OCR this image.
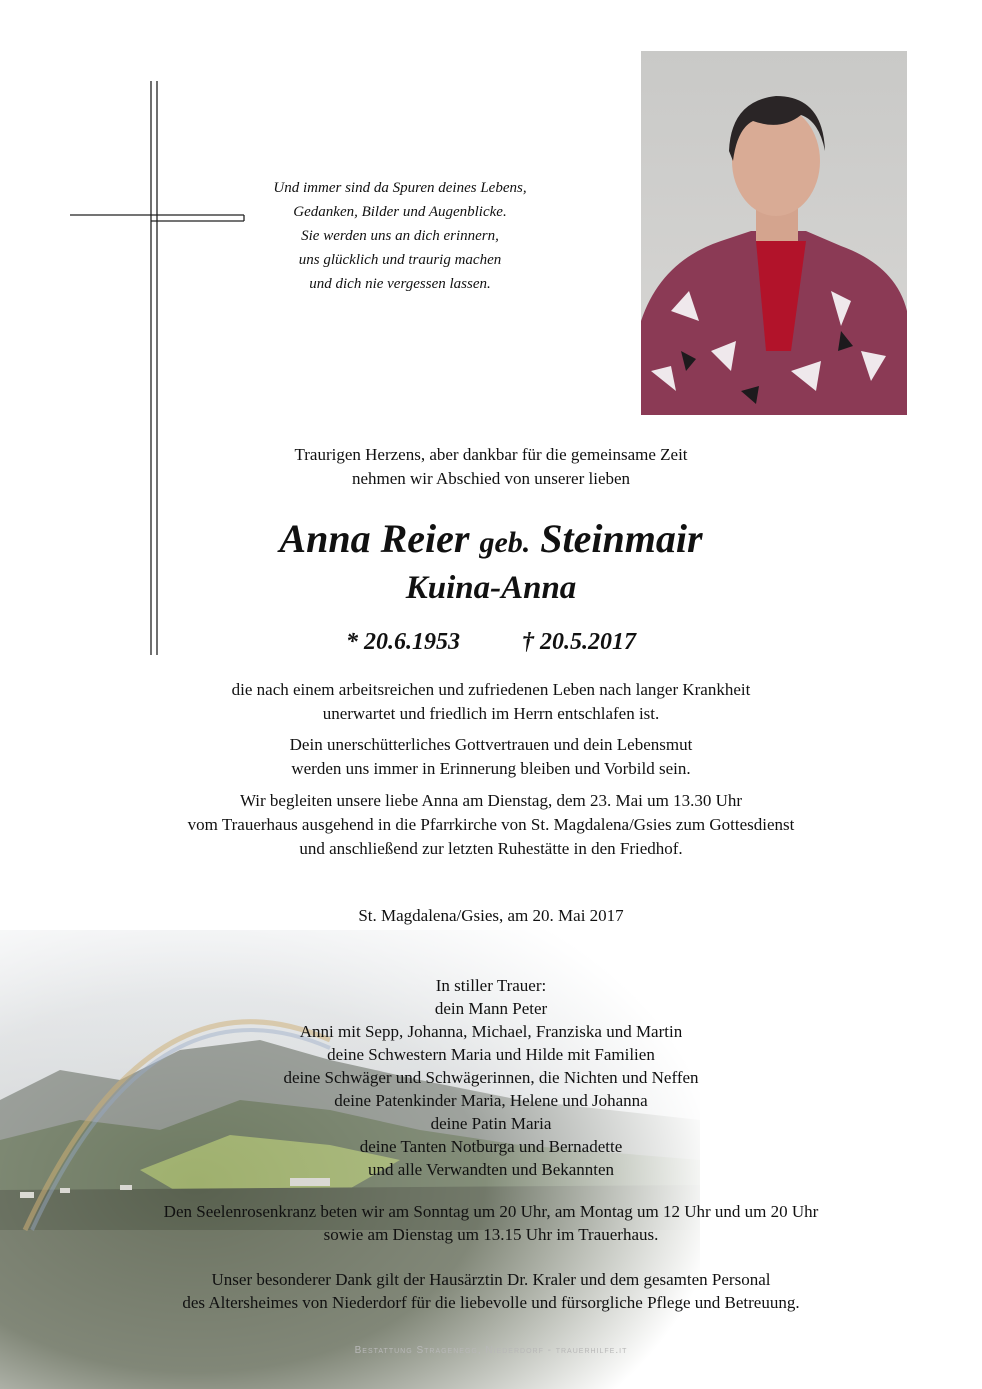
Und immer sind da Spuren deines Lebens,
Gedanken, Bilder und Augenblicke.
Sie werden uns an dich erinnern,
uns glücklich und traurig machen
und dich nie vergessen lassen.
Traurigen Herzens, aber dankbar für die gemeinsame Zeit
nehmen wir Abschied von unserer lieben
Anna Reier geb. Steinmair
Kuina-Anna
* 20.6.1953	† 20.5.2017
die nach einem arbeitsreichen und zufriedenen Leben nach langer Krankheit
unerwartet und friedlich im Herrn entschlafen ist.
Dein unerschütterliches Gottvertrauen und dein Lebensmut
werden uns immer in Erinnerung bleiben und Vorbild sein.
Wir begleiten unsere liebe Anna am Dienstag, dem 23. Mai um 13.30 Uhr
vom Trauerhaus ausgehend in die Pfarrkirche von St. Magdalena/Gsies zum Gottesdienst
und anschließend zur letzten Ruhestätte in den Friedhof.
St. Magdalena/Gsies, am 20. Mai 2017
In stiller Trauer:
dein Mann Peter
Anni mit Sepp, Johanna, Michael, Franziska und Martin
deine Schwestern Maria und Hilde mit Familien
deine Schwäger und Schwägerinnen, die Nichten und Neffen
deine Patenkinder Maria, Helene und Johanna
deine Patin Maria
deine Tanten Notburga und Bernadette
und alle Verwandten und Bekannten
Den Seelenrosenkranz beten wir am Sonntag um 20 Uhr, am Montag um 12 Uhr und um 20 Uhr
sowie am Dienstag um 13.15 Uhr im Trauerhaus.
Unser besonderer Dank gilt der Hausärztin Dr. Kraler und dem gesamten Personal
des Altersheimes von Niederdorf für die liebevolle und fürsorgliche Pflege und Betreuung.
Bestattung Stragenegg, Niederdorf - trauerhilfe.it
